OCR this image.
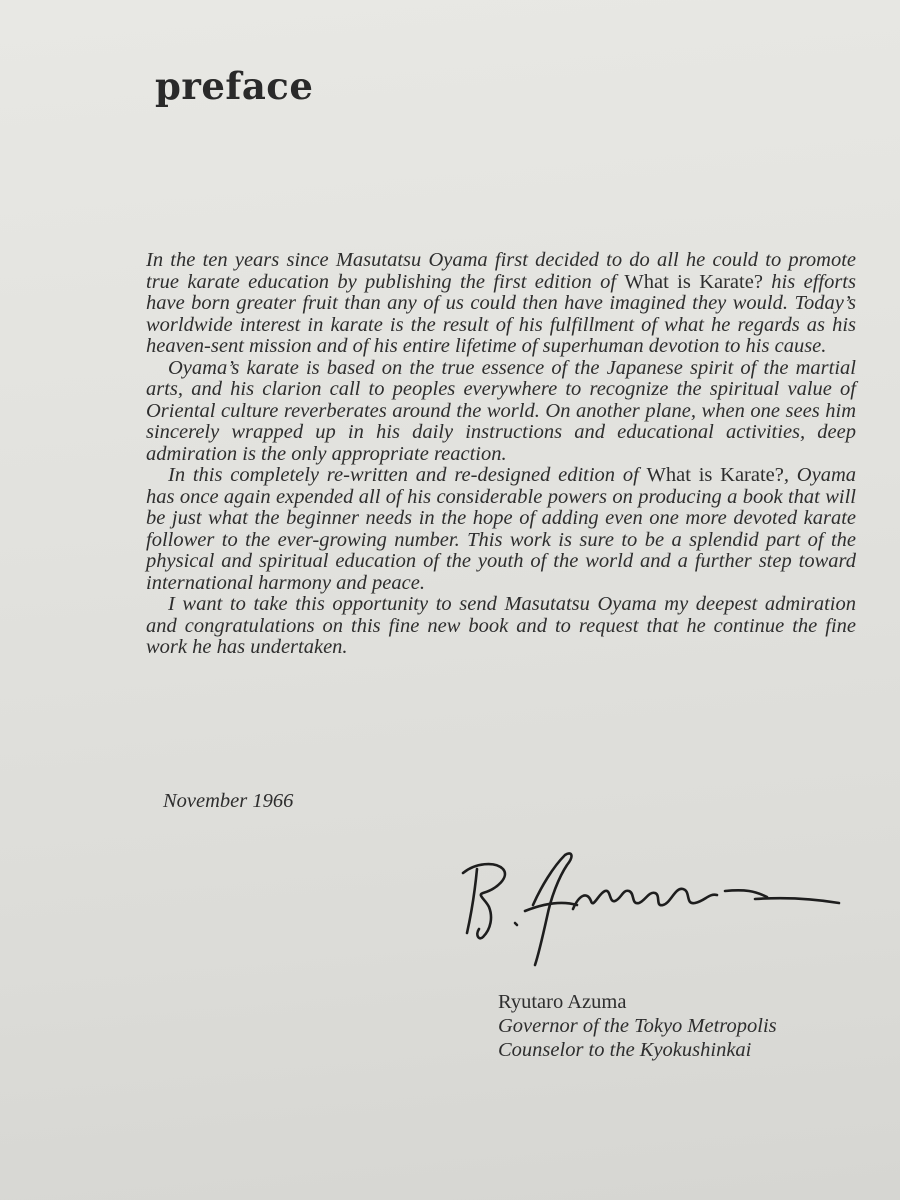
preface

In the ten years since Masutatsu Oyama first decided to do all he could to promote true karate education by publishing the first edition of What is Karate? his efforts have born greater fruit than any of us could then have imagined they would. Today’s worldwide interest in karate is the result of his fulfillment of what he regards as his heaven-sent mission and of his entire lifetime of superhuman devotion to his cause.

Oyama’s karate is based on the true essence of the Japanese spirit of the martial arts, and his clarion call to peoples everywhere to recognize the spiritual value of Oriental culture reverberates around the world. On another plane, when one sees him sincerely wrapped up in his daily instructions and educational activities, deep admiration is the only appropriate reaction.

In this completely re-written and re-designed edition of What is Karate?, Oyama has once again expended all of his considerable powers on producing a book that will be just what the beginner needs in the hope of adding even one more devoted karate follower to the ever-growing number. This work is sure to be a splendid part of the physical and spiritual education of the youth of the world and a further step toward international harmony and peace.

I want to take this opportunity to send Masutatsu Oyama my deepest admiration and congratulations on this fine new book and to request that he continue the fine work he has undertaken.

November 1966
Ryutaro Azuma
Governor of the Tokyo Metropolis
Counselor to the Kyokushinkai
